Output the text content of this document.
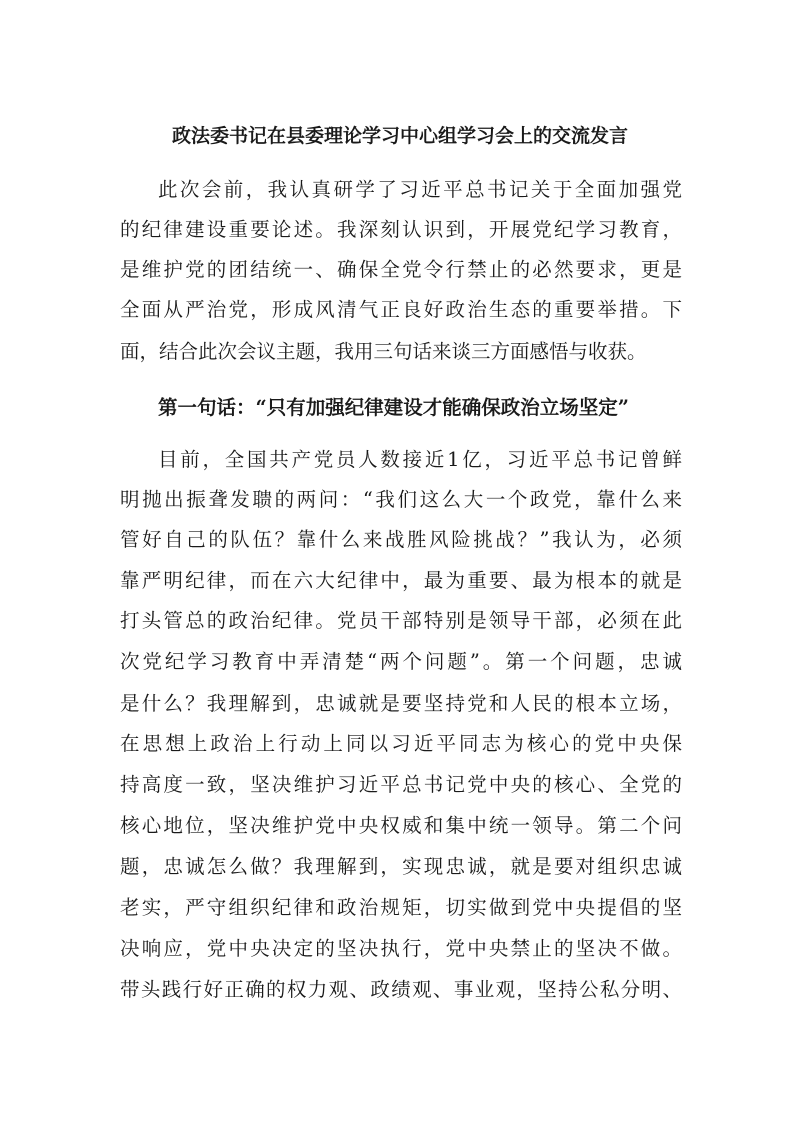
政法委书记在县委理论学习中心组学习会上的交流发言
此次会前，我认真研学了习近平总书记关于全面加强党
的纪律建设重要论述。我深刻认识到，开展党纪学习教育，
是维护党的团结统一、确保全党令行禁止的必然要求，更是
全面从严治党，形成风清气正良好政治生态的重要举措。下
面，结合此次会议主题，我用三句话来谈三方面感悟与收获。
第一句话：“只有加强纪律建设才能确保政治立场坚定”
目前，全国共产党员人数接近1亿，习近平总书记曾鲜
明抛出振聋发聩的两问：“我们这么大一个政党，靠什么来
管好自己的队伍？靠什么来战胜风险挑战？”我认为，必须
靠严明纪律，而在六大纪律中，最为重要、最为根本的就是
打头管总的政治纪律。党员干部特别是领导干部，必须在此
次党纪学习教育中弄清楚“两个问题”。第一个问题，忠诚
是什么？我理解到，忠诚就是要坚持党和人民的根本立场，
在思想上政治上行动上同以习近平同志为核心的党中央保
持高度一致，坚决维护习近平总书记党中央的核心、全党的
核心地位，坚决维护党中央权威和集中统一领导。第二个问
题，忠诚怎么做？我理解到，实现忠诚，就是要对组织忠诚
老实，严守组织纪律和政治规矩，切实做到党中央提倡的坚
决响应，党中央决定的坚决执行，党中央禁止的坚决不做。
带头践行好正确的权力观、政绩观、事业观，坚持公私分明、
